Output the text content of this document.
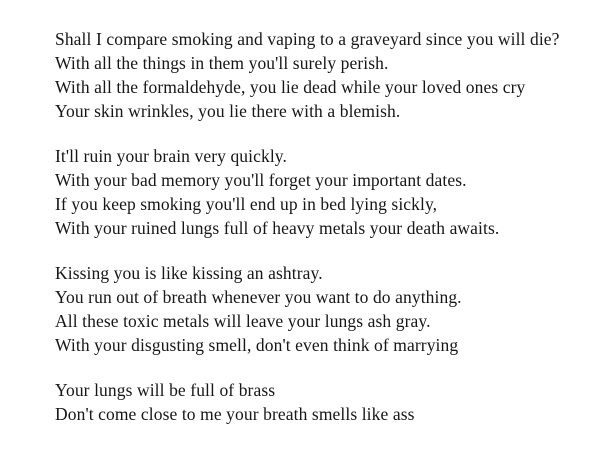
Shall I compare smoking and vaping to a graveyard since you will die?
With all the things in them you'll surely perish.
With all the formaldehyde, you lie dead while your loved ones cry
Your skin wrinkles, you lie there with a blemish.
It'll ruin your brain very quickly.
With your bad memory you'll forget your important dates.
If you keep smoking you'll end up in bed lying sickly,
With your ruined lungs full of heavy metals your death awaits.
Kissing you is like kissing an ashtray.
You run out of breath whenever you want to do anything.
All these toxic metals will leave your lungs ash gray.
With your disgusting smell, don't even think of marrying
Your lungs will be full of brass
Don't come close to me your breath smells like ass
